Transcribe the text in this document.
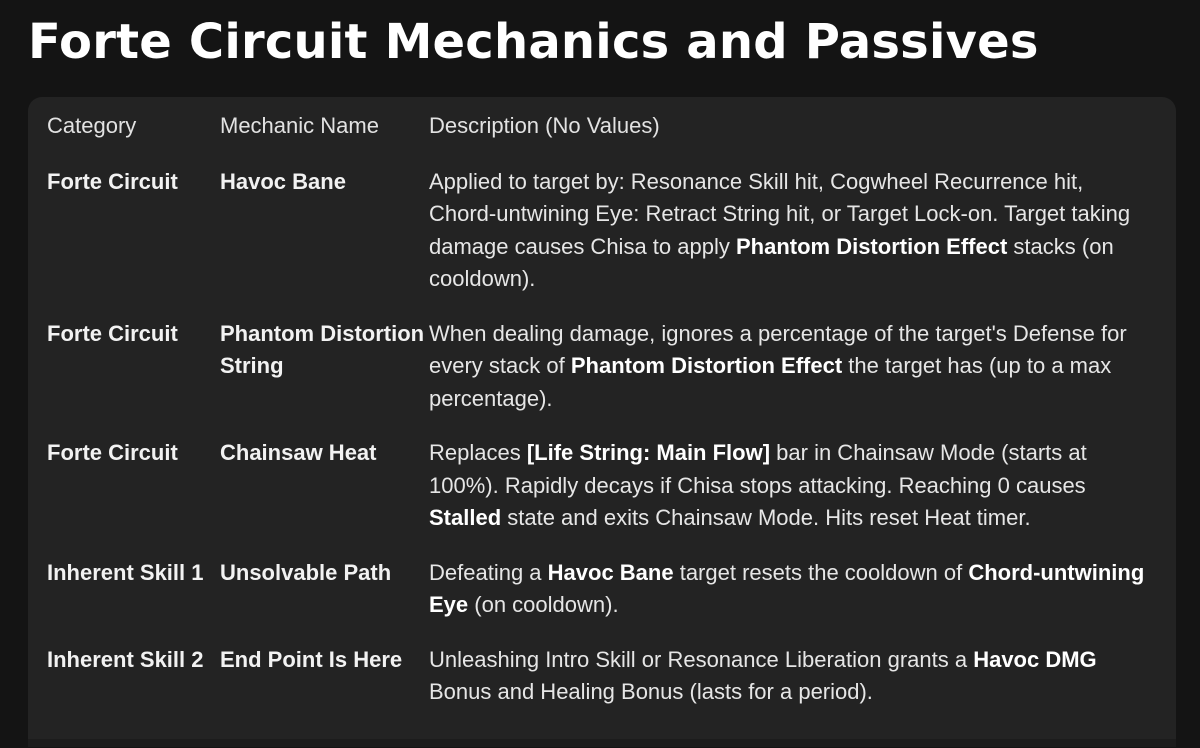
Forte Circuit Mechanics and Passives
Category	Mechanic Name	Description (No Values)
Forte Circuit	Havoc Bane	Applied to target by: Resonance Skill hit, Cogwheel Recurrence hit, Chord-untwining Eye: Retract String hit, or Target Lock-on. Target taking damage causes Chisa to apply Phantom Distortion Effect stacks (on cooldown).
Forte Circuit	Phantom Distortion String	When dealing damage, ignores a percentage of the target's Defense for every stack of Phantom Distortion Effect the target has (up to a max percentage).
Forte Circuit	Chainsaw Heat	Replaces [Life String: Main Flow] bar in Chainsaw Mode (starts at 100%). Rapidly decays if Chisa stops attacking. Reaching 0 causes Stalled state and exits Chainsaw Mode. Hits reset Heat timer.
Inherent Skill 1	Unsolvable Path	Defeating a Havoc Bane target resets the cooldown of Chord-untwining Eye (on cooldown).
Inherent Skill 2	End Point Is Here	Unleashing Intro Skill or Resonance Liberation grants a Havoc DMG Bonus and Healing Bonus (lasts for a period).
